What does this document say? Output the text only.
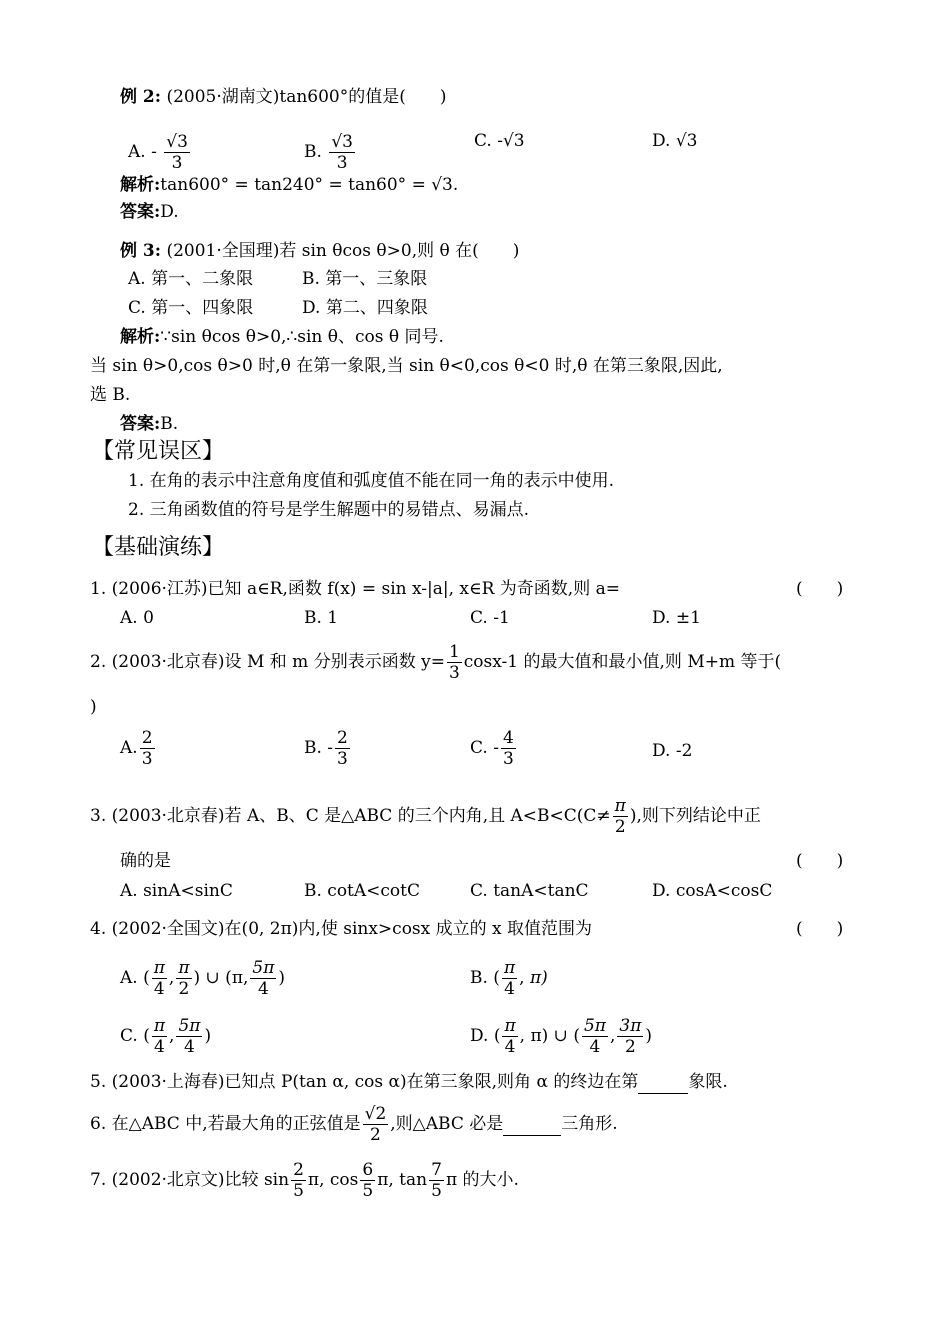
例 2: (2005·湖南文)tan600°的值是(　　)
A. - $\frac{√3}{3}$	B. $\frac{√3}{3}$	C. -√3	D. √3
解析:tan600° = tan240° = tan60° = √3.
答案:D.
例 3: (2001·全国理)若 sin θcos θ>0,则 θ 在(　　)
A. 第一、二象限	B. 第一、三象限
C. 第一、四象限	D. 第二、四象限
解析:∵sin θcos θ>0,∴sin θ、cos θ 同号.
当 sin θ>0,cos θ>0 时,θ 在第一象限,当 sin θ<0,cos θ<0 时,θ 在第三象限,因此,
选 B.
答案:B.
【常见误区】
1. 在角的表示中注意角度值和弧度值不能在同一角的表示中使用.
2. 三角函数值的符号是学生解题中的易错点、易漏点.
【基础演练】
1. (2006·江苏)已知 a∈R,函数 f(x) = sin x-|a|, x∈R 为奇函数,则 a=	(　　)
A. 0	B. 1	C. -1	D. ±1
2. (2003·北京春)设 M 和 m 分别表示函数 $y= \frac{1}{3} \cos x-1$ 的最大值和最小值,则 M+m 等于(
)
A. $\frac{2}{3}$	B. - $\frac{2}{3}$	C. - $\frac{4}{3}$	D. -2
3. (2003·北京春)若 A、B、C 是△ABC 的三个内角,且 $A<B<C(C\ne \frac{\pi}{2}$ ),则下列结论中正
确的是	(　　)
A. sinA<sinC	B. cotA<cotC	C. tanA<tanC	D. cosA<cosC
4. (2002·全国文)在(0, 2π)内,使 sinx>cosx 成立的 x 取值范围为	(　　)
A. ( $\frac{\pi}{4}$ , $\frac{\pi}{2}$ ) ∪ (π, $\frac{5\pi}{4}$ )	B. ( $\frac{\pi}{4}$ , π)
C. ( $\frac{\pi}{4}$ , $\frac{5\pi}{4}$ )	D. ( $\frac{\pi}{4}$ , π) ∪ ( $\frac{5\pi}{4}$ , $\frac{3\pi}{2}$ )
5. (2003·上海春)已知点 P(tan α, cos α)在第三象限,则角 α 的终边在第	象限.
6. 在△ABC 中,若最大角的正弦值是 $\frac{√2}{2}$ ,则△ABC 必是	三角形.
7. (2002·北京文)比较 $\sin \frac{2}{5} \pi$, $\cos \frac{6}{5} \pi$, $\tan \frac{7}{5}$ π 的大小.
